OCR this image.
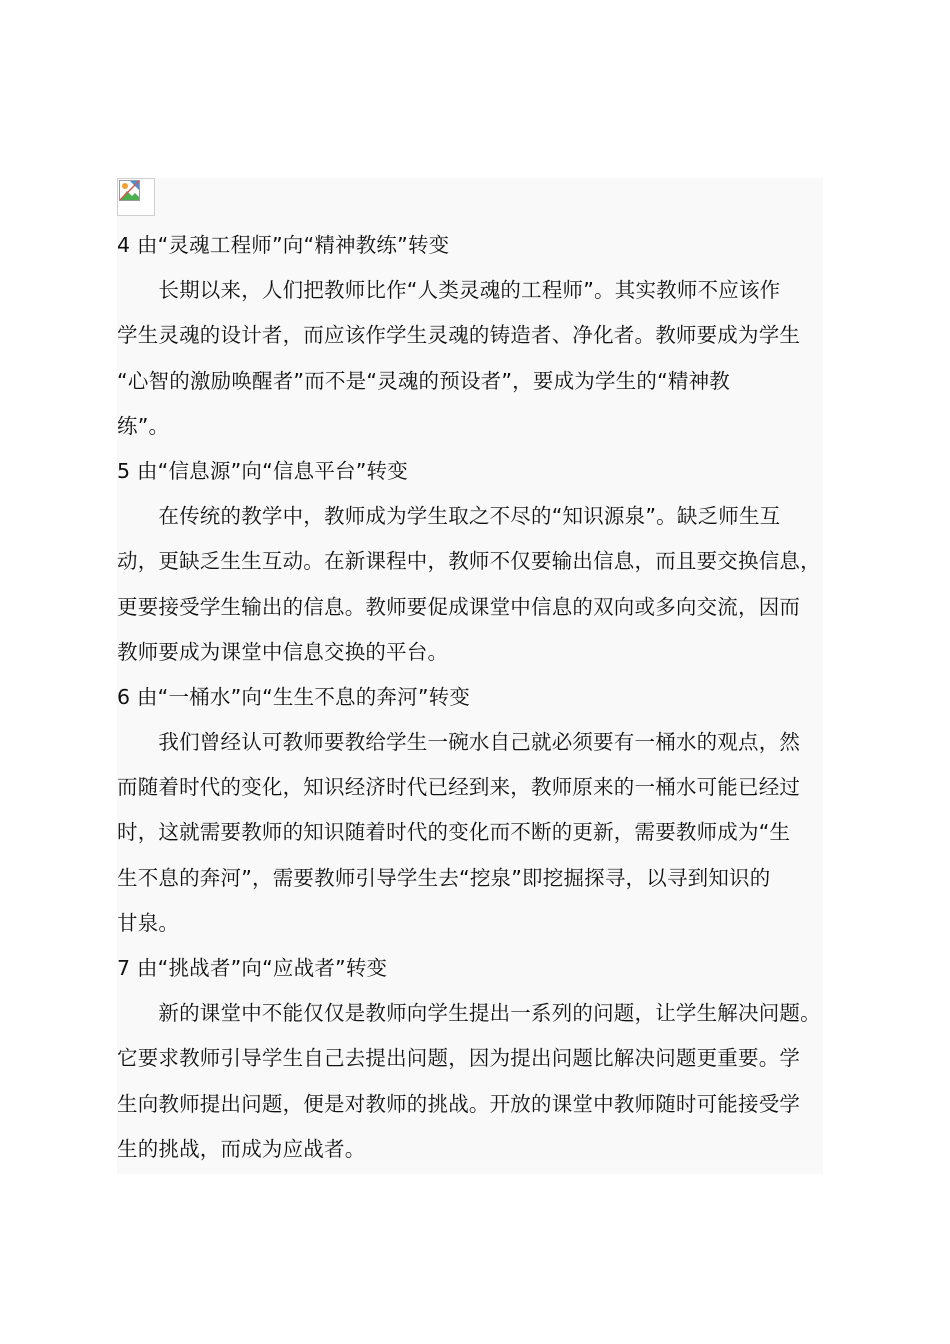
4 由“灵魂工程师”向“精神教练”转变
　　长期以来，人们把教师比作“人类灵魂的工程师”。其实教师不应该作
学生灵魂的设计者，而应该作学生灵魂的铸造者、净化者。教师要成为学生
“心智的激励唤醒者”而不是“灵魂的预设者”，要成为学生的“精神教
练”。
5 由“信息源”向“信息平台”转变
　　在传统的教学中，教师成为学生取之不尽的“知识源泉”。缺乏师生互
动，更缺乏生生互动。在新课程中，教师不仅要输出信息，而且要交换信息，
更要接受学生输出的信息。教师要促成课堂中信息的双向或多向交流，因而
教师要成为课堂中信息交换的平台。
6 由“一桶水”向“生生不息的奔河”转变
　　我们曾经认可教师要教给学生一碗水自己就必须要有一桶水的观点，然
而随着时代的变化，知识经济时代已经到来，教师原来的一桶水可能已经过
时，这就需要教师的知识随着时代的变化而不断的更新，需要教师成为“生
生不息的奔河”，需要教师引导学生去“挖泉”即挖掘探寻，以寻到知识的
甘泉。
7 由“挑战者”向“应战者”转变
　　新的课堂中不能仅仅是教师向学生提出一系列的问题，让学生解决问题。
它要求教师引导学生自己去提出问题，因为提出问题比解决问题更重要。学
生向教师提出问题，便是对教师的挑战。开放的课堂中教师随时可能接受学
生的挑战，而成为应战者。
